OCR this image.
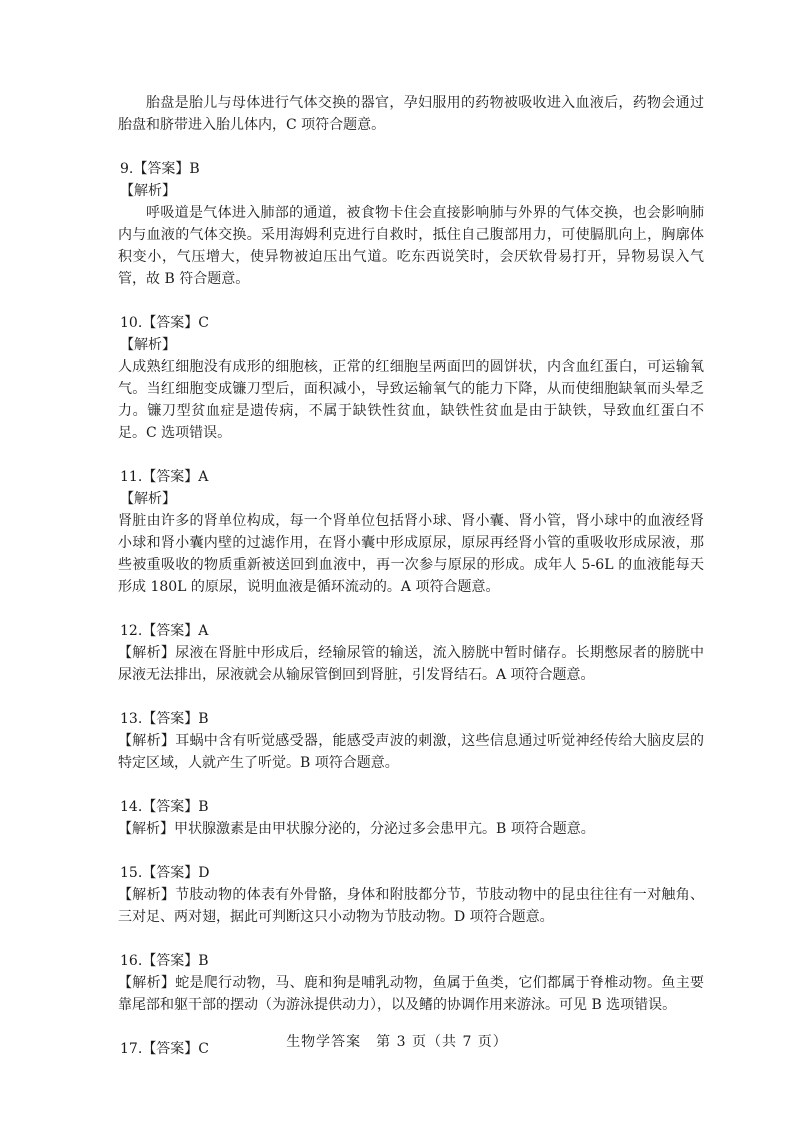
胎盘是胎儿与母体进行气体交换的器官，孕妇服用的药物被吸收进入血液后，药物会通过胎盘和脐带进入胎儿体内，C 项符合题意。

9.【答案】B

【解析】

呼吸道是气体进入肺部的通道，被食物卡住会直接影响肺与外界的气体交换，也会影响肺内与血液的气体交换。采用海姆利克进行自救时，抵住自己腹部用力，可使膈肌向上，胸廓体积变小，气压增大，使异物被迫压出气道。吃东西说笑时，会厌软骨易打开，异物易误入气管，故 B 符合题意。

10.【答案】C

【解析】

人成熟红细胞没有成形的细胞核，正常的红细胞呈两面凹的圆饼状，内含血红蛋白，可运输氧气。当红细胞变成镰刀型后，面积减小，导致运输氧气的能力下降，从而使细胞缺氧而头晕乏力。镰刀型贫血症是遗传病，不属于缺铁性贫血，缺铁性贫血是由于缺铁，导致血红蛋白不足。C 选项错误。

11.【答案】A

【解析】

肾脏由许多的肾单位构成，每一个肾单位包括肾小球、肾小囊、肾小管，肾小球中的血液经肾小球和肾小囊内壁的过滤作用，在肾小囊中形成原尿，原尿再经肾小管的重吸收形成尿液，那些被重吸收的物质重新被送回到血液中，再一次参与原尿的形成。成年人 5-6L 的血液能每天形成 180L 的原尿，说明血液是循环流动的。A 项符合题意。

12.【答案】A

【解析】尿液在肾脏中形成后，经输尿管的输送，流入膀胱中暂时储存。长期憋尿者的膀胱中尿液无法排出，尿液就会从输尿管倒回到肾脏，引发肾结石。A 项符合题意。

13.【答案】B

【解析】耳蜗中含有听觉感受器，能感受声波的刺激，这些信息通过听觉神经传给大脑皮层的特定区域，人就产生了听觉。B 项符合题意。

14.【答案】B

【解析】甲状腺激素是由甲状腺分泌的，分泌过多会患甲亢。B 项符合题意。

15.【答案】D

【解析】节肢动物的体表有外骨骼，身体和附肢都分节，节肢动物中的昆虫往往有一对触角、三对足、两对翅，据此可判断这只小动物为节肢动物。D 项符合题意。

16.【答案】B

【解析】蛇是爬行动物，马、鹿和狗是哺乳动物，鱼属于鱼类，它们都属于脊椎动物。鱼主要靠尾部和躯干部的摆动（为游泳提供动力），以及鳍的协调作用来游泳。可见 B 选项错误。

17.【答案】C	生物学答案　第 3 页（共 7 页）
